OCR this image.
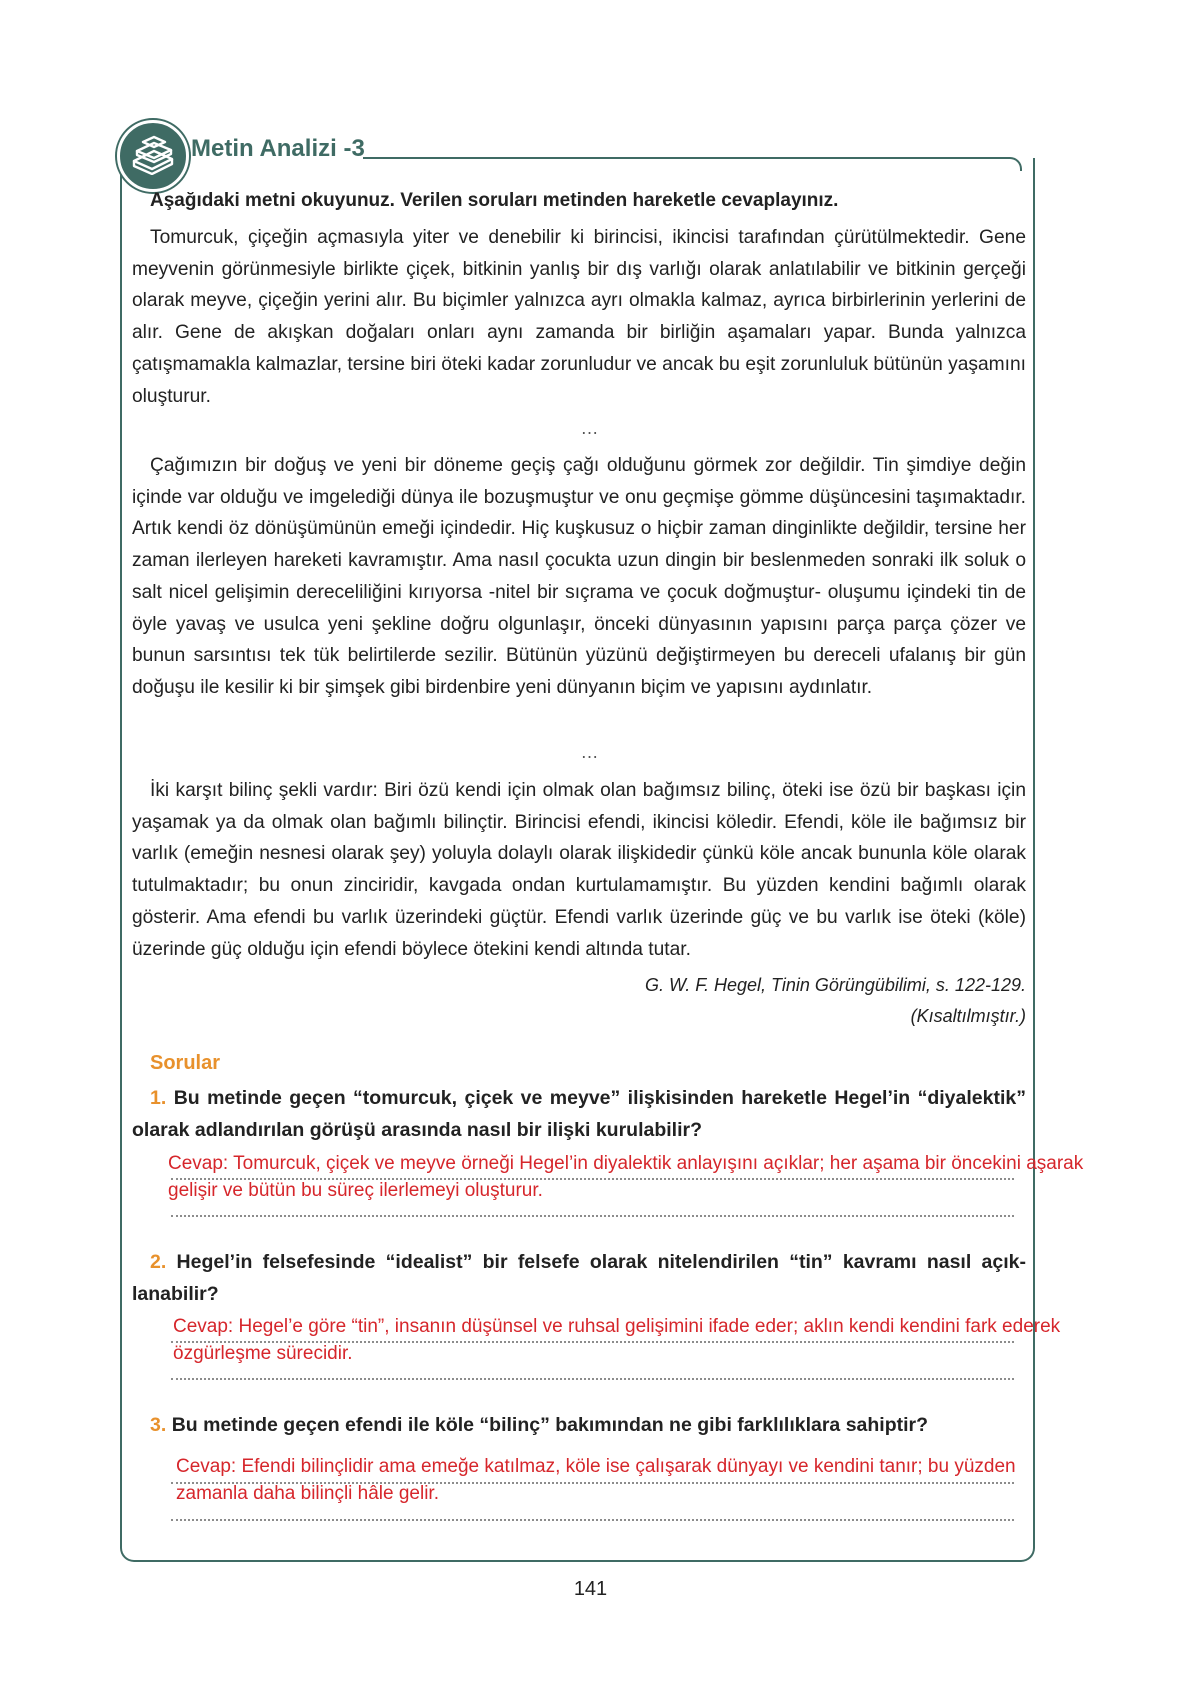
Metin Analizi -3
Aşağıdaki metni okuyunuz. Verilen soruları metinden hareketle cevaplayınız.

Tomurcuk, çiçeğin açmasıyla yiter ve denebilir ki birincisi, ikincisi tarafından çürütülmektedir. Gene meyvenin görünmesiyle birlikte çiçek, bitkinin yanlış bir dış varlığı olarak anlatılabilir ve bitkinin gerçeği olarak meyve, çiçeğin yerini alır. Bu biçimler yalnızca ayrı olmakla kalmaz, ayrıca birbirlerinin yerlerini de alır. Gene de akışkan doğaları onları aynı zamanda bir birliğin aşamaları yapar. Bunda yalnızca çatışmamakla kalmazlar, tersine biri öteki kadar zorunludur ve ancak bu eşit zorunluluk bütünün yaşamını oluşturur.

…

Çağımızın bir doğuş ve yeni bir döneme geçiş çağı olduğunu görmek zor değildir. Tin şimdiye değin içinde var olduğu ve imgelediği dünya ile bozuşmuştur ve onu geçmişe gömme düşüncesini taşımaktadır. Artık kendi öz dönüşümünün emeği içindedir. Hiç kuşkusuz o hiçbir zaman dinginlikte değildir, tersine her zaman ilerleyen hareketi kavramıştır. Ama nasıl çocukta uzun dingin bir beslenmeden sonraki ilk soluk o salt nicel gelişimin dereceliliğini kırıyorsa -nitel bir sıçrama ve çocuk doğmuştur- oluşumu içindeki tin de öyle yavaş ve usulca yeni şekline doğru olgunlaşır, önceki dünyasının yapısını parça parça çözer ve bunun sarsıntısı tek tük belirtilerde sezilir. Bütünün yüzünü değiştirmeyen bu dereceli ufalanış bir gün doğuşu ile kesilir ki bir şimşek gibi birdenbire yeni dünyanın biçim ve yapısını aydınlatır.

…

İki karşıt bilinç şekli vardır: Biri özü kendi için olmak olan bağımsız bilinç, öteki ise özü bir başkası için yaşamak ya da olmak olan bağımlı bilinçtir. Birincisi efendi, ikincisi köledir. Efendi, köle ile bağımsız bir varlık (emeğin nesnesi olarak şey) yoluyla dolaylı olarak ilişkidedir çünkü köle ancak bununla köle olarak tutulmaktadır; bu onun zinciridir, kavgada ondan kurtulamamıştır. Bu yüzden kendini bağımlı olarak gösterir. Ama efendi bu varlık üzerindeki güçtür. Efendi varlık üzerinde güç ve bu varlık ise öteki (köle) üzerinde güç olduğu için efendi böylece ötekini kendi altında tutar.

G. W. F. Hegel, Tinin Görüngübilimi, s. 122-129.
(Kısaltılmıştır.)
Sorular

1. Bu metinde geçen “tomurcuk, çiçek ve meyve” ilişkisinden hareketle Hegel’in “diyalektik” olarak adlandırılan görüşü arasında nasıl bir ilişki kurulabilir?

Cevap: Tomurcuk, çiçek ve meyve örneği Hegel’in diyalektik anlayışını açıklar; her aşama bir öncekini aşarak
gelişir ve bütün bu süreç ilerlemeyi oluşturur.

2. Hegel’in felsefesinde “idealist” bir felsefe olarak nitelendirilen “tin” kavramı nasıl açıklanabilir?

Cevap: Hegel’e göre “tin”, insanın düşünsel ve ruhsal gelişimini ifade eder; aklın kendi kendini fark ederek
özgürleşme sürecidir.

3. Bu metinde geçen efendi ile köle “bilinç” bakımından ne gibi farklılıklara sahiptir?

Cevap: Efendi bilinçlidir ama emeğe katılmaz, köle ise çalışarak dünyayı ve kendini tanır; bu yüzden
zamanla daha bilinçli hâle gelir.
141
